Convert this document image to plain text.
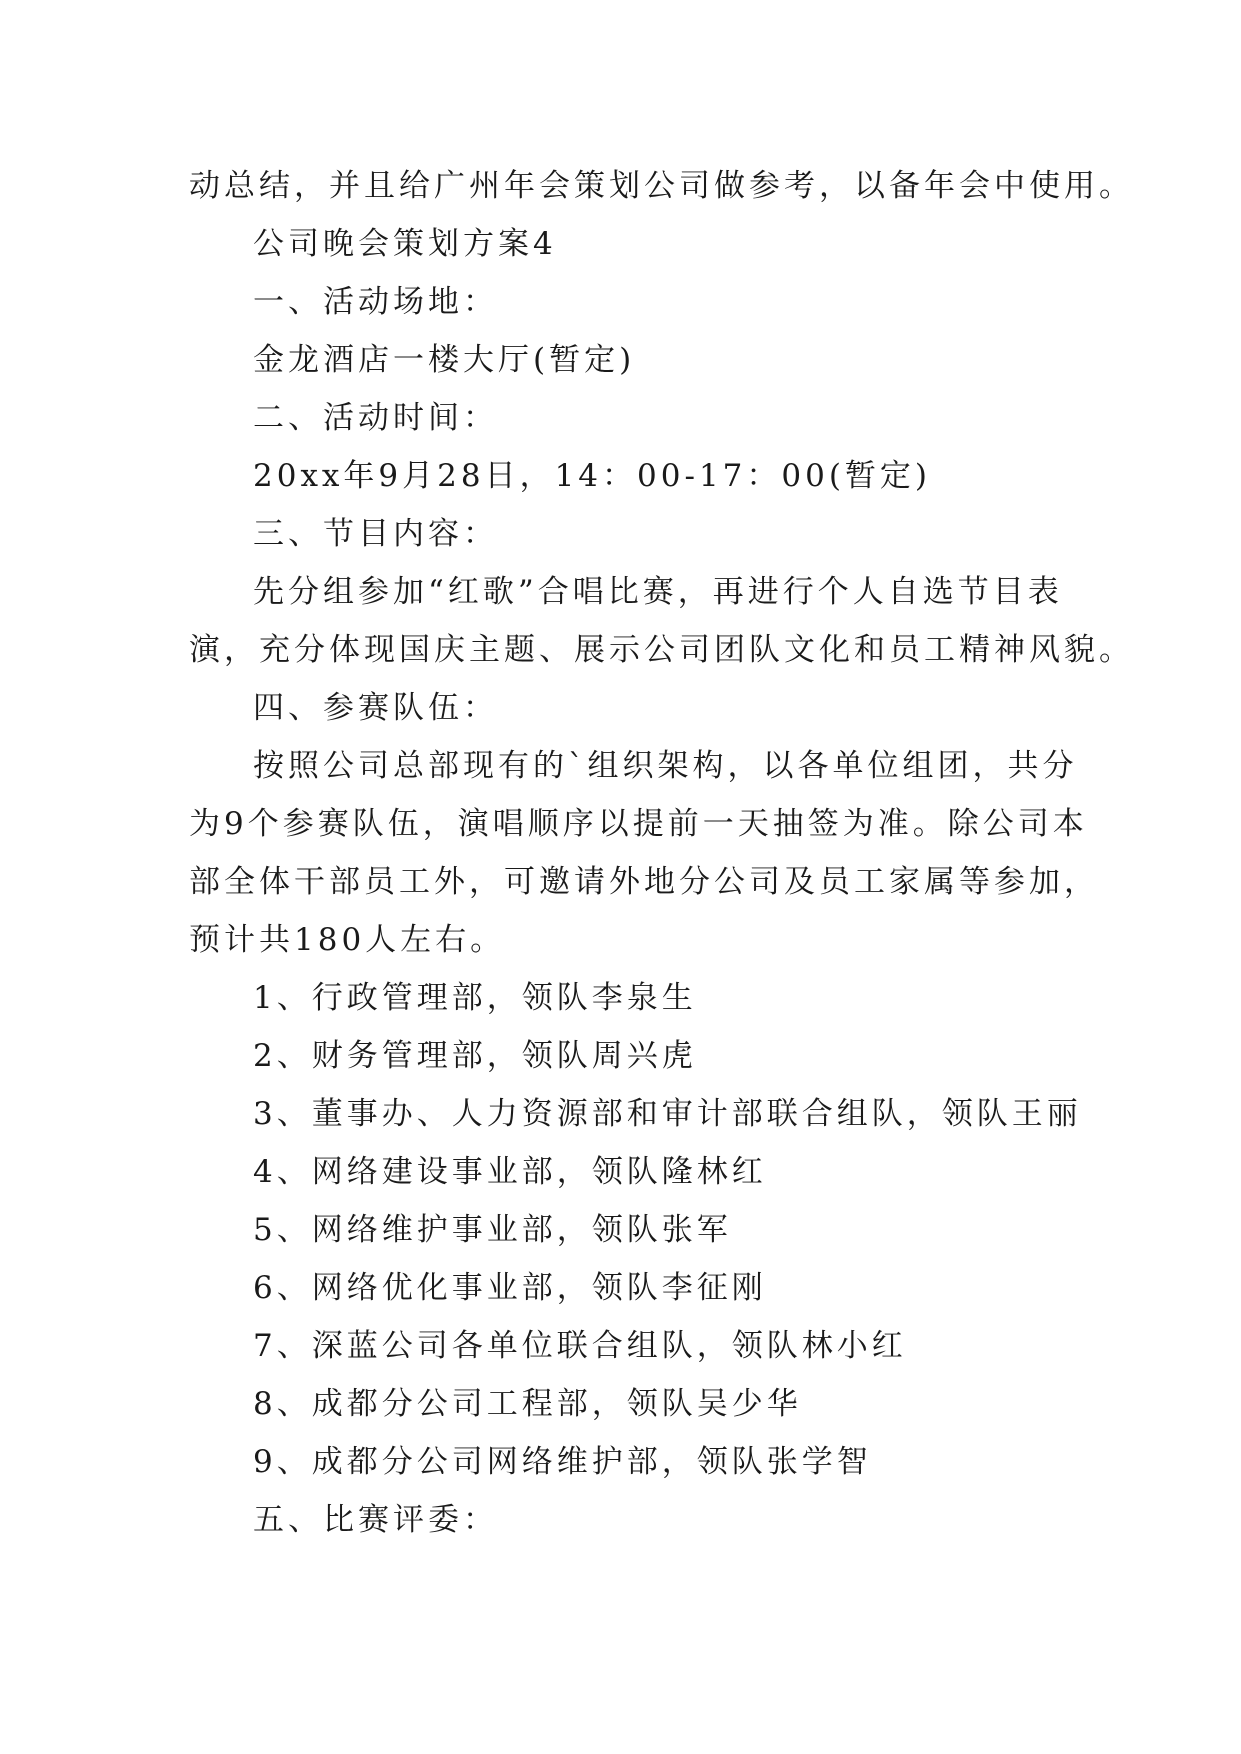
动总结，并且给广州年会策划公司做参考，以备年会中使用。
公司晚会策划方案4
一、活动场地：
金龙酒店一楼大厅(暂定)
二、活动时间：
20xx年9月28日，14：00-17：00(暂定)
三、节目内容：
先分组参加“红歌”合唱比赛，再进行个人自选节目表
演，充分体现国庆主题、展示公司团队文化和员工精神风貌。
四、参赛队伍：
按照公司总部现有的`组织架构，以各单位组团，共分
为9个参赛队伍，演唱顺序以提前一天抽签为准。除公司本
部全体干部员工外，可邀请外地分公司及员工家属等参加，
预计共180人左右。
1、行政管理部，领队李泉生
2、财务管理部，领队周兴虎
3、董事办、人力资源部和审计部联合组队，领队王丽
4、网络建设事业部，领队隆林红
5、网络维护事业部，领队张军
6、网络优化事业部，领队李征刚
7、深蓝公司各单位联合组队，领队林小红
8、成都分公司工程部，领队吴少华
9、成都分公司网络维护部，领队张学智
五、比赛评委：
